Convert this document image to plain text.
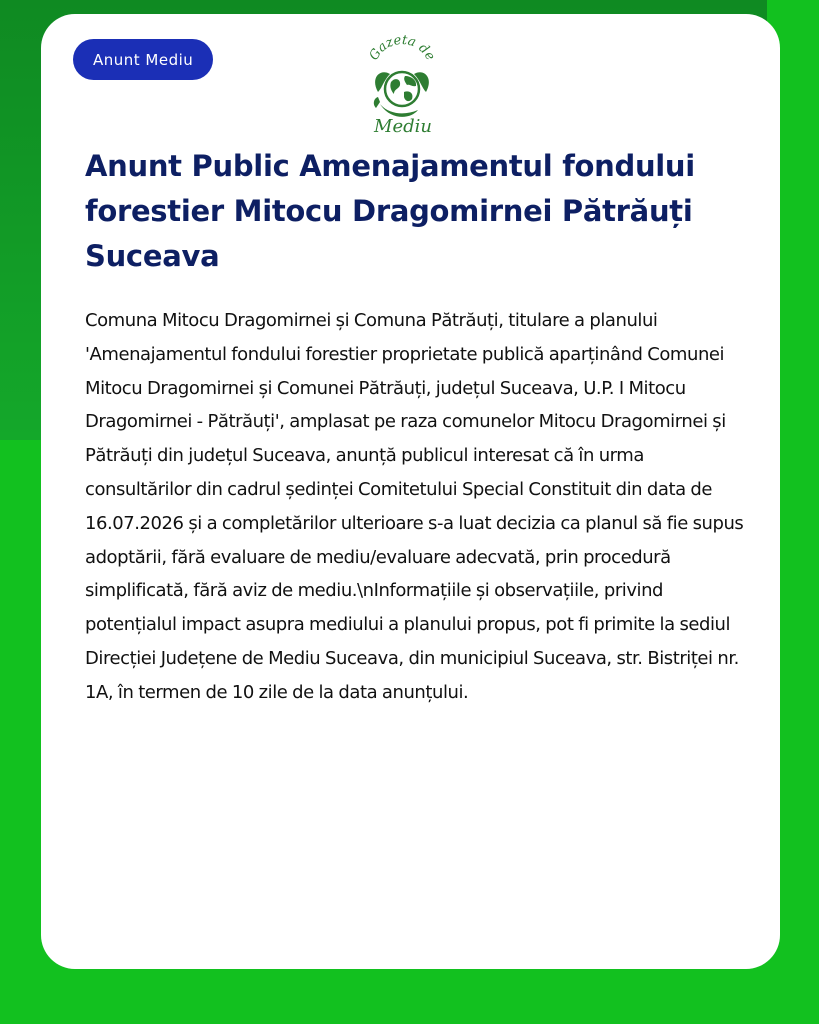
Anunt Mediu	Gazeta de
Mediu
Anunt Public Amenajamentul fondului forestier Mitocu Dragomirnei Pătrăuți Suceava

Comuna Mitocu Dragomirnei și Comuna Pătrăuți, titulare a planului 'Amenajamentul fondului forestier proprietate publică aparținând Comunei Mitocu Dragomirnei și Comunei Pătrăuți, județul Suceava, U.P. I Mitocu Dragomirnei - Pătrăuți', amplasat pe raza comunelor Mitocu Dragomirnei și Pătrăuți din județul Suceava, anunță publicul interesat că în urma consultărilor din cadrul ședinței Comitetului Special Constituit din data de 16.07.2026 și a completărilor ulterioare s-a luat decizia ca planul să fie supus adoptării, fără evaluare de mediu/evaluare adecvată, prin procedură simplificată, fără aviz de mediu.\nInformațiile și observațiile, privind potențialul impact asupra mediului a planului propus, pot fi primite la sediul Direcției Județene de Mediu Suceava, din municipiul Suceava, str. Bistriței nr. 1A, în termen de 10 zile de la data anunțului.
